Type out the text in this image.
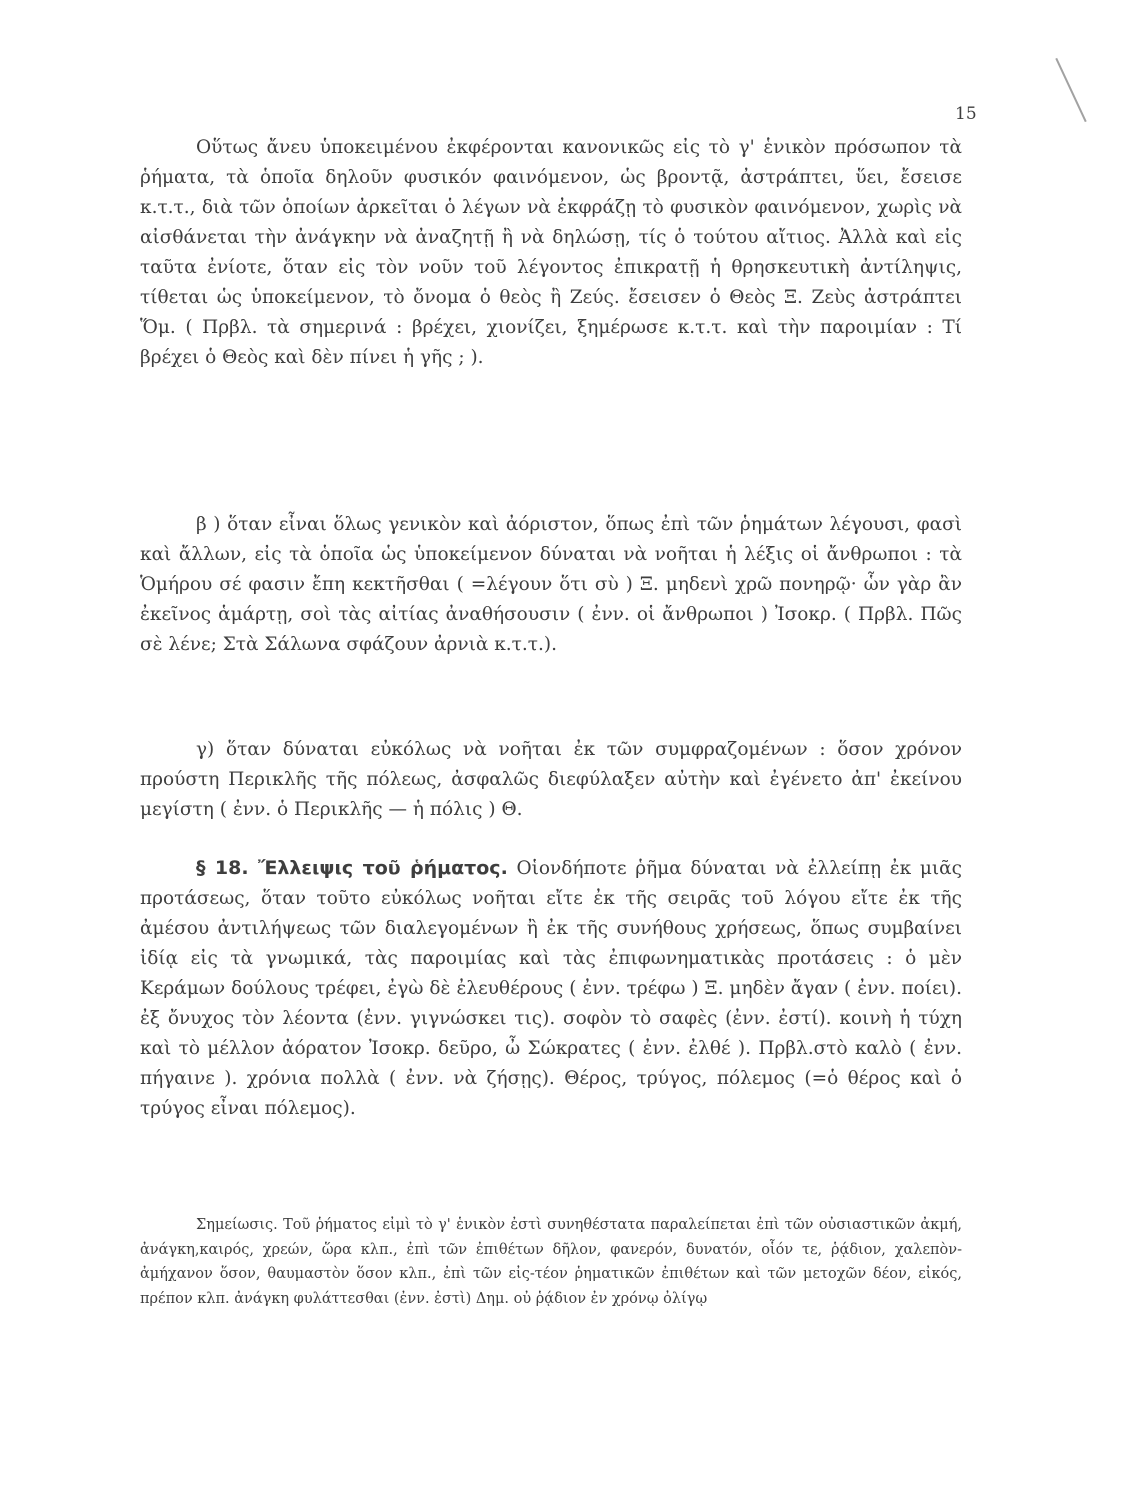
15

Οὕτως ἄνευ ὑποκειμένου ἐκφέρονται κανονικῶς εἰς τὸ γ' ἑνικὸν πρόσωπον τὰ ῥήματα, τὰ ὁποῖα δηλοῦν φυσικόν φαινόμενον, ὡς βροντᾷ, ἀστράπτει, ὕει, ἔσεισε κ.τ.τ., διὰ τῶν ὁποίων ἀρκεῖται ὁ λέγων νὰ ἐκφράζῃ τὸ φυσικὸν φαινόμενον, χωρὶς νὰ αἰσθάνεται τὴν ἀνάγκην νὰ ἀναζητῇ ἢ νὰ δηλώσῃ, τίς ὁ τούτου αἴτιος. Ἀλλὰ καὶ εἰς ταῦτα ἐνίοτε, ὅταν εἰς τὸν νοῦν τοῦ λέγοντος ἐπικρατῇ ἡ θρησκευτικὴ ἀντίληψις, τίθεται ὡς ὑποκείμενον, τὸ ὄνομα ὁ θεὸς ἢ Ζεύς. ἔσεισεν ὁ Θεὸς Ξ. Ζεὺς ἀστράπτει Ὅμ. ( Πρβλ. τὰ σημερινά : βρέχει, χιονίζει, ξημέρωσε κ.τ.τ. καὶ τὴν παροιμίαν : Τί βρέχει ὁ Θεὸς καὶ δὲν πίνει ἡ γῆς ; ).

β ) ὅταν εἶναι ὅλως γενικὸν καὶ ἀόριστον, ὅπως ἐπὶ τῶν ῥημάτων λέγουσι, φασὶ καὶ ἄλλων, εἰς τὰ ὁποῖα ὡς ὑποκείμενον δύναται νὰ νοῆται ἡ λέξις οἱ ἄνθρωποι : τὰ Ὁμήρου σέ φασιν ἔπη κεκτῆσθαι ( =λέγουν ὅτι σὺ ) Ξ. μηδενὶ χρῶ πονηρῷ· ὧν γὰρ ἂν ἐκεῖνος ἁμάρτῃ, σοὶ τὰς αἰτίας ἀναθήσουσιν ( ἐνν. οἱ ἄνθρωποι ) Ἰσοκρ. ( Πρβλ. Πῶς σὲ λένε; Στὰ Σάλωνα σφάζουν ἀρνιὰ κ.τ.τ.).

γ) ὅταν δύναται εὐκόλως νὰ νοῆται ἐκ τῶν συμφραζομένων : ὅσον χρόνον προύστη Περικλῆς τῆς πόλεως, ἀσφαλῶς διεφύλαξεν αὐτὴν καὶ ἐγένετο ἀπ' ἐκείνου μεγίστη ( ἐνν. ὁ Περικλῆς — ἡ πόλις ) Θ.

§ 18. Ἔλλειψις τοῦ ῥήματος. Οἱονδήποτε ῥῆμα δύναται νὰ ἐλλείπῃ ἐκ μιᾶς προτάσεως, ὅταν τοῦτο εὐκόλως νοῆται εἴτε ἐκ τῆς σειρᾶς τοῦ λόγου εἴτε ἐκ τῆς ἀμέσου ἀντιλήψεως τῶν διαλεγομένων ἢ ἐκ τῆς συνήθους χρήσεως, ὅπως συμβαίνει ἰδίᾳ εἰς τὰ γνωμικά, τὰς παροιμίας καὶ τὰς ἐπιφωνηματικὰς προτάσεις : ὁ μὲν Κεράμων δούλους τρέφει, ἐγὼ δὲ ἐλευθέρους ( ἐνν. τρέφω ) Ξ. μηδὲν ἄγαν ( ἐνν. ποίει). ἐξ ὄνυχος τὸν λέοντα (ἐνν. γιγνώσκει τις). σοφὸν τὸ σαφὲς (ἐνν. ἐστί). κοινὴ ἡ τύχη καὶ τὸ μέλλον ἀόρατον Ἰσοκρ. δεῦρο, ὦ Σώκρατες ( ἐνν. ἐλθέ ). Πρβλ.στὸ καλὸ ( ἐνν. πήγαινε ). χρόνια πολλὰ ( ἐνν. νὰ ζήσῃς). Θέρος, τρύγος, πόλεμος (=ὁ θέρος καὶ ὁ τρύγος εἶναι πόλεμος).

Σημείωσις. Τοῦ ῥήματος εἰμὶ τὸ γ' ἑνικὸν ἐστὶ συνηθέστατα παραλείπεται ἐπὶ τῶν οὐσιαστικῶν ἀκμή, ἀνάγκη,καιρός, χρεών, ὥρα κλπ., ἐπὶ τῶν ἐπιθέτων δῆλον, φανερόν, δυνατόν, οἷόν τε, ῥᾴδιον, χαλεπὸν-ἀμήχανον ὅσον, θαυμαστὸν ὅσον κλπ., ἐπὶ τῶν εἰς-τέον ῥηματικῶν ἐπιθέτων καὶ τῶν μετοχῶν δέον, εἰκός, πρέπον κλπ. ἀνάγκη φυλάττεσθαι (ἐνν. ἐστὶ) Δημ. οὐ ῥᾴδιον ἐν χρόνῳ ὀλίγῳ
